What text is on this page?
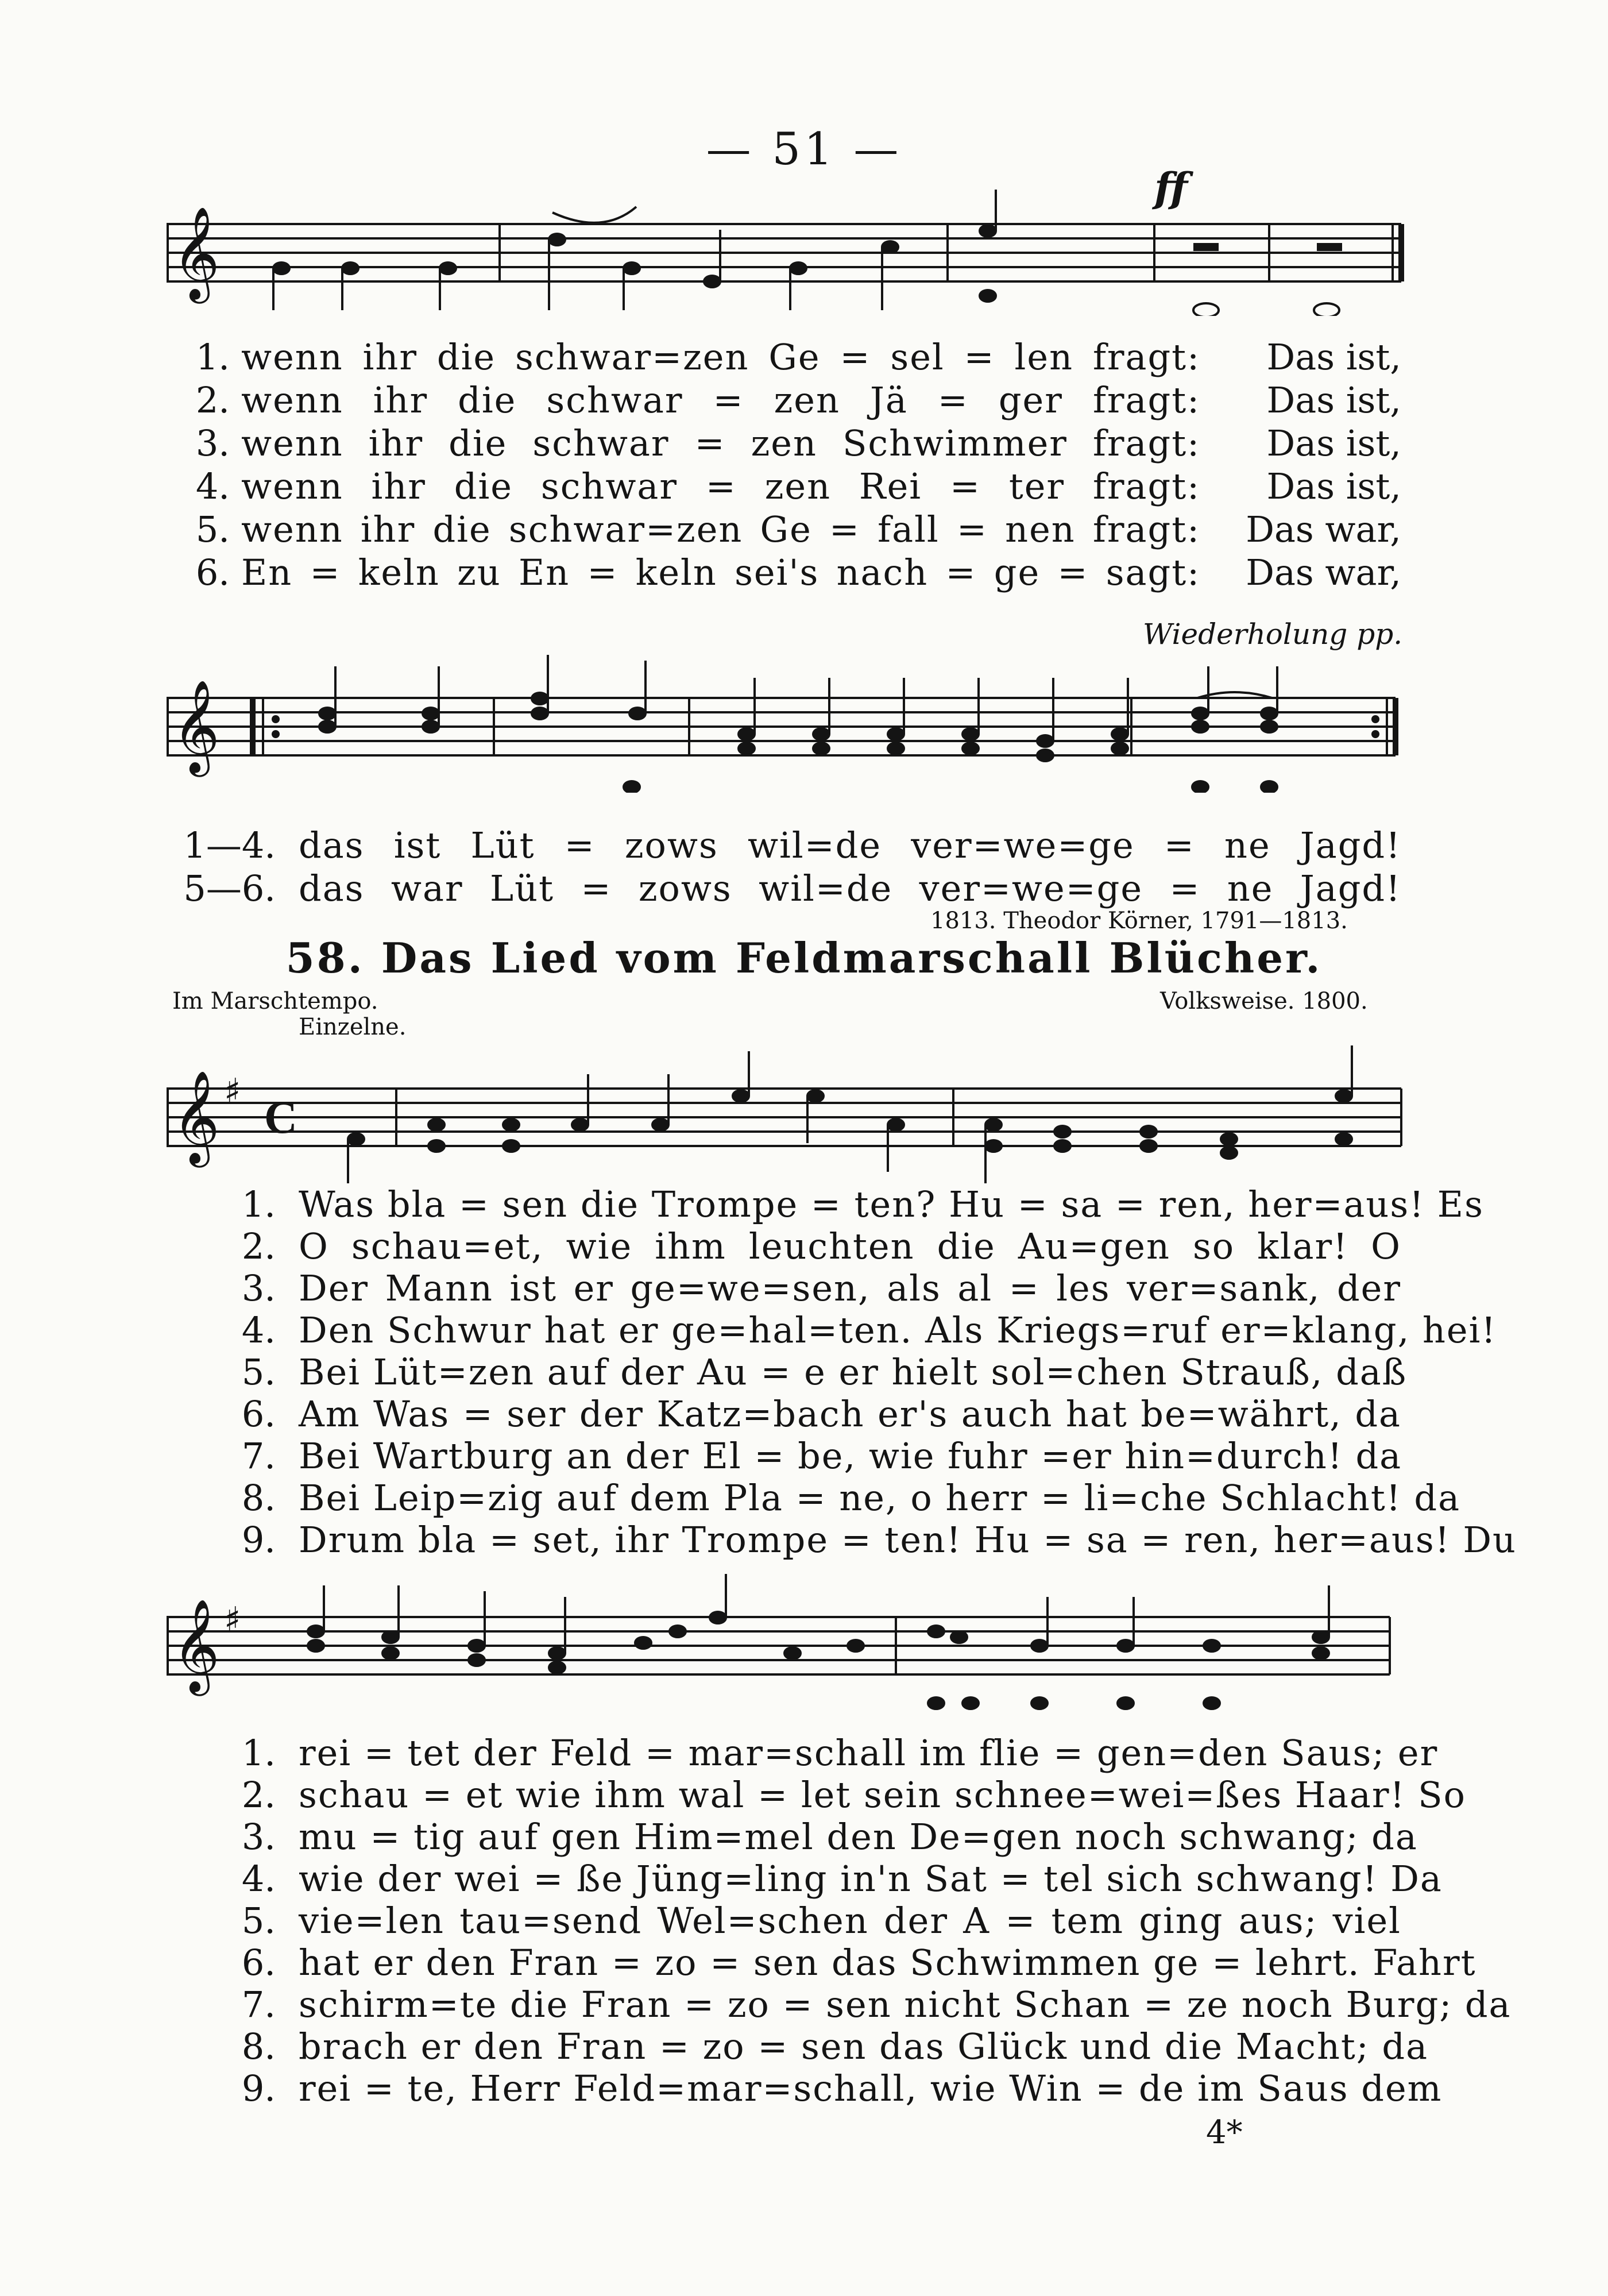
— 51 —
𝄞
ff
1. wenn ihr die schwar=zen Ge = sel = len fragt: Das ist,
2. wenn ihr die schwar = zen Jä = ger fragt: Das ist,
3. wenn ihr die schwar = zen Schwimmer fragt: Das ist,
4. wenn ihr die schwar = zen Rei = ter fragt: Das ist,
5. wenn ihr die schwar=zen Ge = fall = nen fragt: Das war,
6. En = keln zu En = keln sei's nach = ge = sagt: Das war,
Wiederholung pp.
𝄞
1—4. das ist Lüt = zows wil=de ver=we=ge = ne Jagd!
5—6. das war Lüt = zows wil=de ver=we=ge = ne Jagd!
1813. Theodor Körner, 1791—1813.
58. Das Lied vom Feldmarschall Blücher.
Im Marschtempo.
Einzelne.
Volksweise. 1800.
𝄞 ♯
C
1. Was bla = sen die Trompe = ten? Hu = sa = ren, her=aus! Es
2. O schau=et, wie ihm leuchten die Au=gen so klar! O
3. Der Mann ist er ge=we=sen, als al = les ver=sank, der
4. Den Schwur hat er ge=hal=ten. Als Kriegs=ruf er=klang, hei!
5. Bei Lüt=zen auf der Au = e er hielt sol=chen Strauß, daß
6. Am Was = ser der Katz=bach er's auch hat be=währt, da
7. Bei Wartburg an der El = be, wie fuhr =er hin=durch! da
8. Bei Leip=zig auf dem Pla = ne, o herr = li=che Schlacht! da
9. Drum bla = set, ihr Trompe = ten! Hu = sa = ren, her=aus! Du
𝄞 ♯
1. rei = tet der Feld = mar=schall im flie = gen=den Saus; er
2. schau = et wie ihm wal = let sein schnee=wei=ßes Haar! So
3. mu = tig auf gen Him=mel den De=gen noch schwang; da
4. wie der wei = ße Jüng=ling in'n Sat = tel sich schwang! Da
5. vie=len tau=send Wel=schen der A = tem ging aus; viel
6. hat er den Fran = zo = sen das Schwimmen ge = lehrt. Fahrt
7. schirm=te die Fran = zo = sen nicht Schan = ze noch Burg; da
8. brach er den Fran = zo = sen das Glück und die Macht; da
9. rei = te, Herr Feld=mar=schall, wie Win = de im Saus dem
4*
